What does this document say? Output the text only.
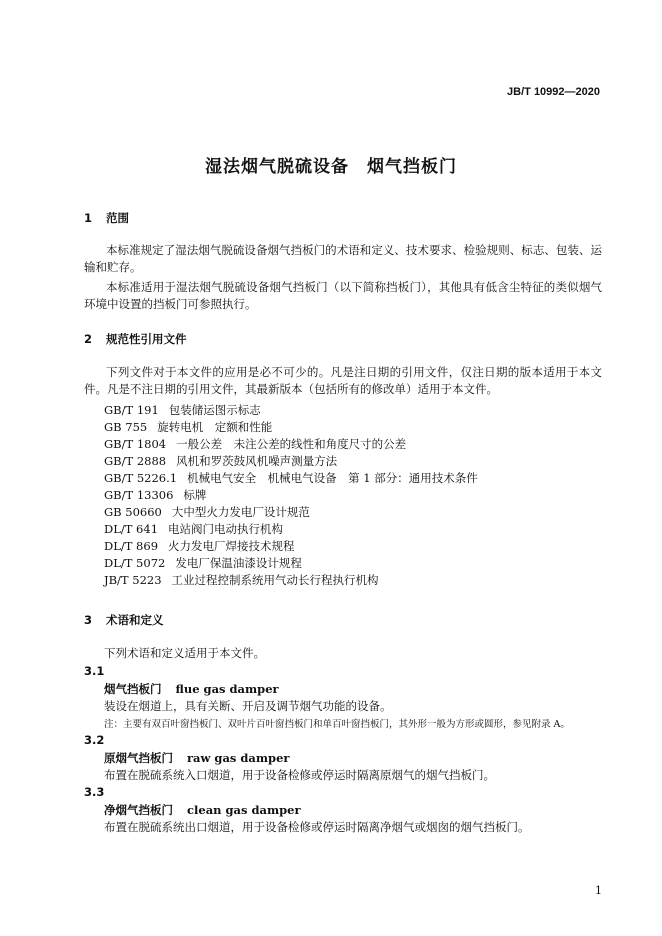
JB/T 10992—2020
湿法烟气脱硫设备　烟气挡板门
1 范围
本标准规定了湿法烟气脱硫设备烟气挡板门的术语和定义、技术要求、检验规则、标志、包装、运输和贮存。
本标准适用于湿法烟气脱硫设备烟气挡板门（以下简称挡板门），其他具有低含尘特征的类似烟气环境中设置的挡板门可参照执行。
2 规范性引用文件
下列文件对于本文件的应用是必不可少的。凡是注日期的引用文件，仅注日期的版本适用于本文件。凡是不注日期的引用文件，其最新版本（包括所有的修改单）适用于本文件。
GB/T 191 包装储运图示标志
GB 755 旋转电机　定额和性能
GB/T 1804 一般公差　未注公差的线性和角度尺寸的公差
GB/T 2888 风机和罗茨鼓风机噪声测量方法
GB/T 5226.1 机械电气安全　机械电气设备　第 1 部分：通用技术条件
GB/T 13306 标牌
GB 50660 大中型火力发电厂设计规范
DL/T 641 电站阀门电动执行机构
DL/T 869 火力发电厂焊接技术规程
DL/T 5072 发电厂保温油漆设计规程
JB/T 5223 工业过程控制系统用气动长行程执行机构
3 术语和定义
下列术语和定义适用于本文件。
3.1
烟气挡板门 flue gas damper
装设在烟道上，具有关断、开启及调节烟气功能的设备。
注：主要有双百叶窗挡板门、双叶片百叶窗挡板门和单百叶窗挡板门，其外形一般为方形或圆形，参见附录 A。
3.2
原烟气挡板门 raw gas damper
布置在脱硫系统入口烟道，用于设备检修或停运时隔离原烟气的烟气挡板门。
3.3
净烟气挡板门 clean gas damper
布置在脱硫系统出口烟道，用于设备检修或停运时隔离净烟气或烟囱的烟气挡板门。
1
